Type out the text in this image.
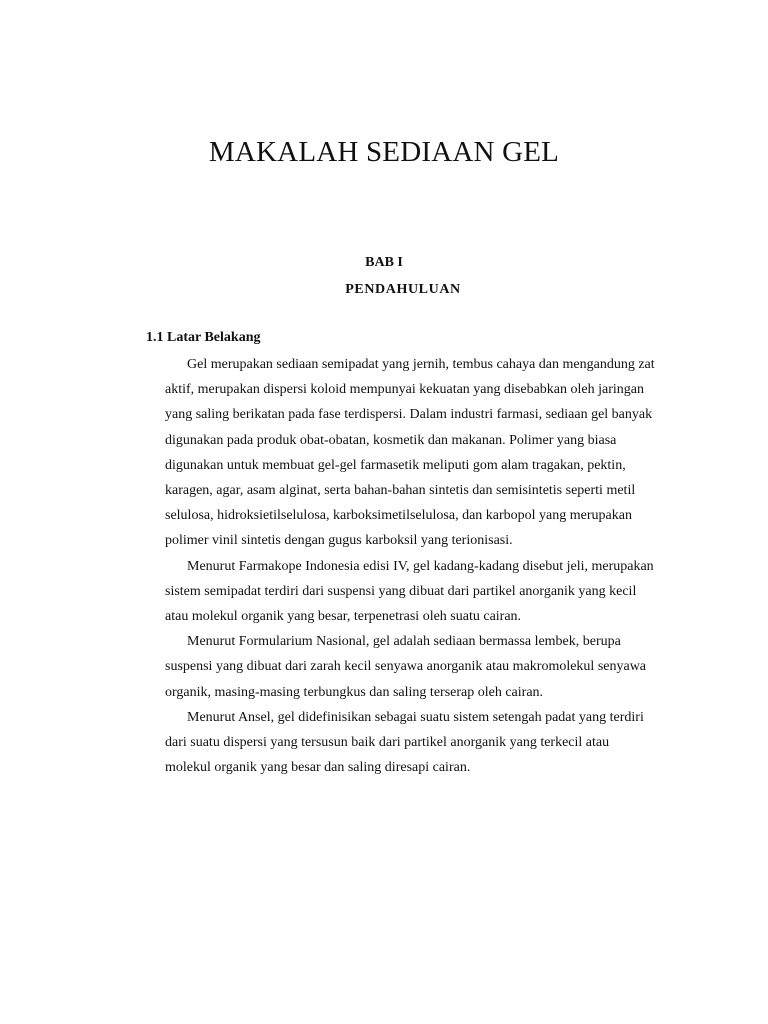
MAKALAH SEDIAAN GEL
BAB I
PENDAHULUAN
1.1 Latar Belakang

Gel merupakan sediaan semipadat yang jernih, tembus cahaya dan mengandung zat aktif, merupakan dispersi koloid mempunyai kekuatan yang disebabkan oleh jaringan yang saling berikatan pada fase terdispersi. Dalam industri farmasi, sediaan gel banyak digunakan pada produk obat-obatan, kosmetik dan makanan. Polimer yang biasa digunakan untuk membuat gel-gel farmasetik meliputi gom alam tragakan, pektin, karagen, agar, asam alginat, serta bahan-bahan sintetis dan semisintetis seperti metil selulosa, hidroksietilselulosa, karboksimetilselulosa, dan karbopol yang merupakan polimer vinil sintetis dengan gugus karboksil yang terionisasi.

Menurut Farmakope Indonesia edisi IV, gel kadang-kadang disebut jeli, merupakan sistem semipadat terdiri dari suspensi yang dibuat dari partikel anorganik yang kecil atau molekul organik yang besar, terpenetrasi oleh suatu cairan.

Menurut Formularium Nasional, gel adalah sediaan bermassa lembek, berupa suspensi yang dibuat dari zarah kecil senyawa anorganik atau makromolekul senyawa organik, masing-masing terbungkus dan saling terserap oleh cairan.

Menurut Ansel, gel didefinisikan sebagai suatu sistem setengah padat yang terdiri dari suatu dispersi yang tersusun baik dari partikel anorganik yang terkecil atau molekul organik yang besar dan saling diresapi cairan.
